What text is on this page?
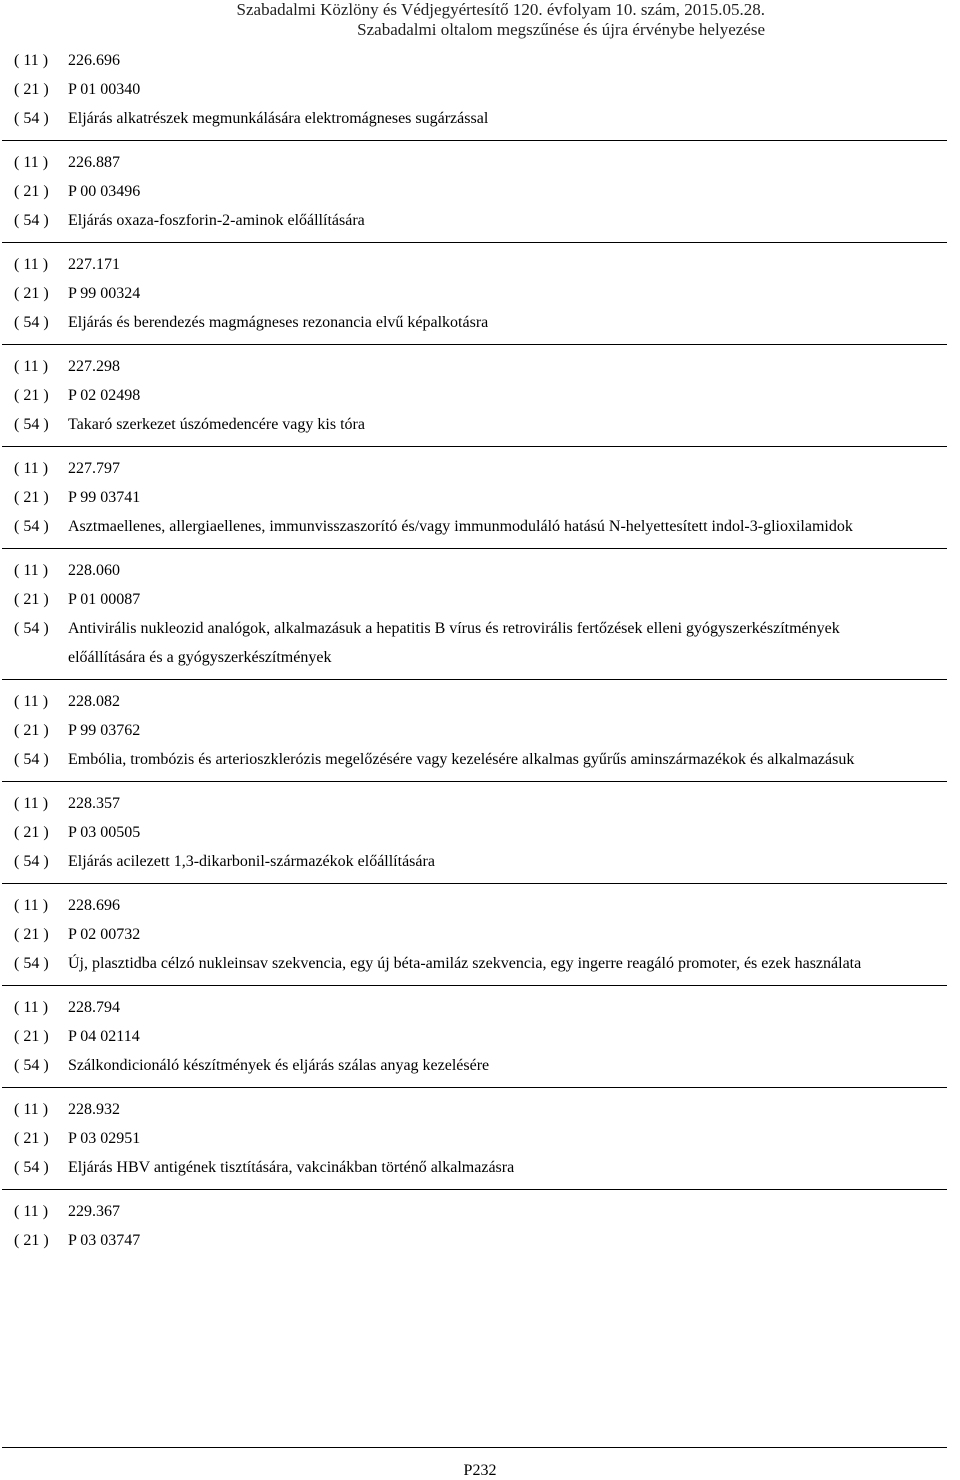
Szabadalmi Közlöny és Védjegyértesítő 120. évfolyam 10. szám, 2015.05.28.
Szabadalmi oltalom megszűnése és újra érvénybe helyezése
( 11 )	226.696
( 21 )	P 01 00340
( 54 )	Eljárás alkatrészek megmunkálására elektromágneses sugárzással
( 11 )	226.887
( 21 )	P 00 03496
( 54 )	Eljárás oxaza-foszforin-2-aminok előállítására
( 11 )	227.171
( 21 )	P 99 00324
( 54 )	Eljárás és berendezés magmágneses rezonancia elvű képalkotásra
( 11 )	227.298
( 21 )	P 02 02498
( 54 )	Takaró szerkezet úszómedencére vagy kis tóra
( 11 )	227.797
( 21 )	P 99 03741
( 54 )	Asztmaellenes, allergiaellenes, immunvisszaszorító és/vagy immunmoduláló hatású N-helyettesített indol-3-glioxilamidok
( 11 )	228.060
( 21 )	P 01 00087
( 54 )	Antivirális nukleozid analógok, alkalmazásuk a hepatitis B vírus és retrovirális fertőzések elleni gyógyszerkészítmények előállítására és a gyógyszerkészítmények
( 11 )	228.082
( 21 )	P 99 03762
( 54 )	Embólia, trombózis és arterioszklerózis megelőzésére vagy kezelésére alkalmas gyűrűs aminszármazékok és alkalmazásuk
( 11 )	228.357
( 21 )	P 03 00505
( 54 )	Eljárás acilezett 1,3-dikarbonil-származékok előállítására
( 11 )	228.696
( 21 )	P 02 00732
( 54 )	Új, plasztidba célzó nukleinsav szekvencia, egy új béta-amiláz szekvencia, egy ingerre reagáló promoter, és ezek használata
( 11 )	228.794
( 21 )	P 04 02114
( 54 )	Szálkondicionáló készítmények és eljárás szálas anyag kezelésére
( 11 )	228.932
( 21 )	P 03 02951
( 54 )	Eljárás HBV antigének tisztítására, vakcinákban történő alkalmazásra
( 11 )	229.367
( 21 )	P 03 03747
P232
